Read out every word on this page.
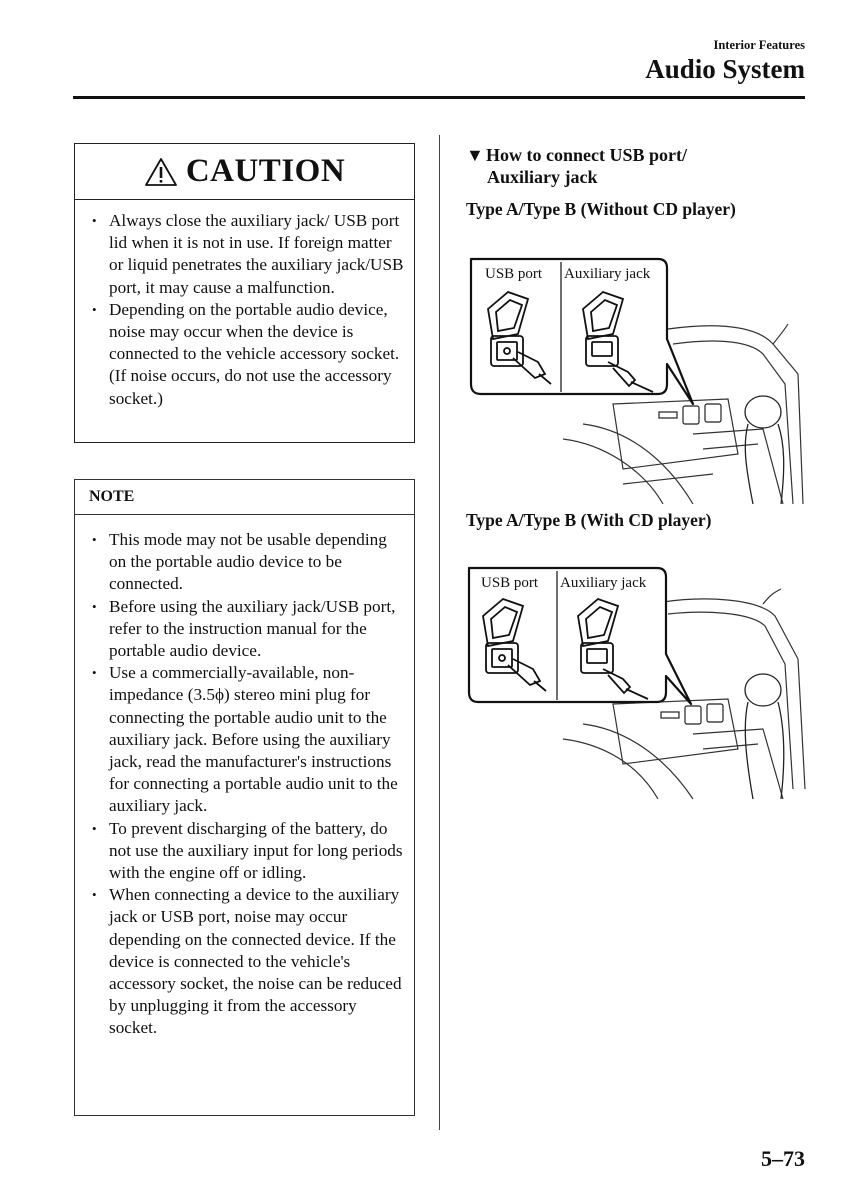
Interior Features
Audio System
CAUTION
• Always close the auxiliary jack/ USB port lid when it is not in use. If foreign matter or liquid penetrates the auxiliary jack/USB port, it may cause a malfunction.
• Depending on the portable audio device, noise may occur when the device is connected to the vehicle accessory socket. (If noise occurs, do not use the accessory socket.)
NOTE
• This mode may not be usable depending on the portable audio device to be connected.
• Before using the auxiliary jack/USB port, refer to the instruction manual for the portable audio device.
• Use a commercially-available, non-impedance (3.5ϕ) stereo mini plug for connecting the portable audio unit to the auxiliary jack. Before using the auxiliary jack, read the manufacturer's instructions for connecting a portable audio unit to the auxiliary jack.
• To prevent discharging of the battery, do not use the auxiliary input for long periods with the engine off or idling.
• When connecting a device to the auxiliary jack or USB port, noise may occur depending on the connected device. If the device is connected to the vehicle's accessory socket, the noise can be reduced by unplugging it from the accessory socket.
▼ How to connect USB port/
Auxiliary jack
Type A/Type B (Without CD player)
USB port Auxiliary jack
Type A/Type B (With CD player)
USB port Auxiliary jack
5–73
